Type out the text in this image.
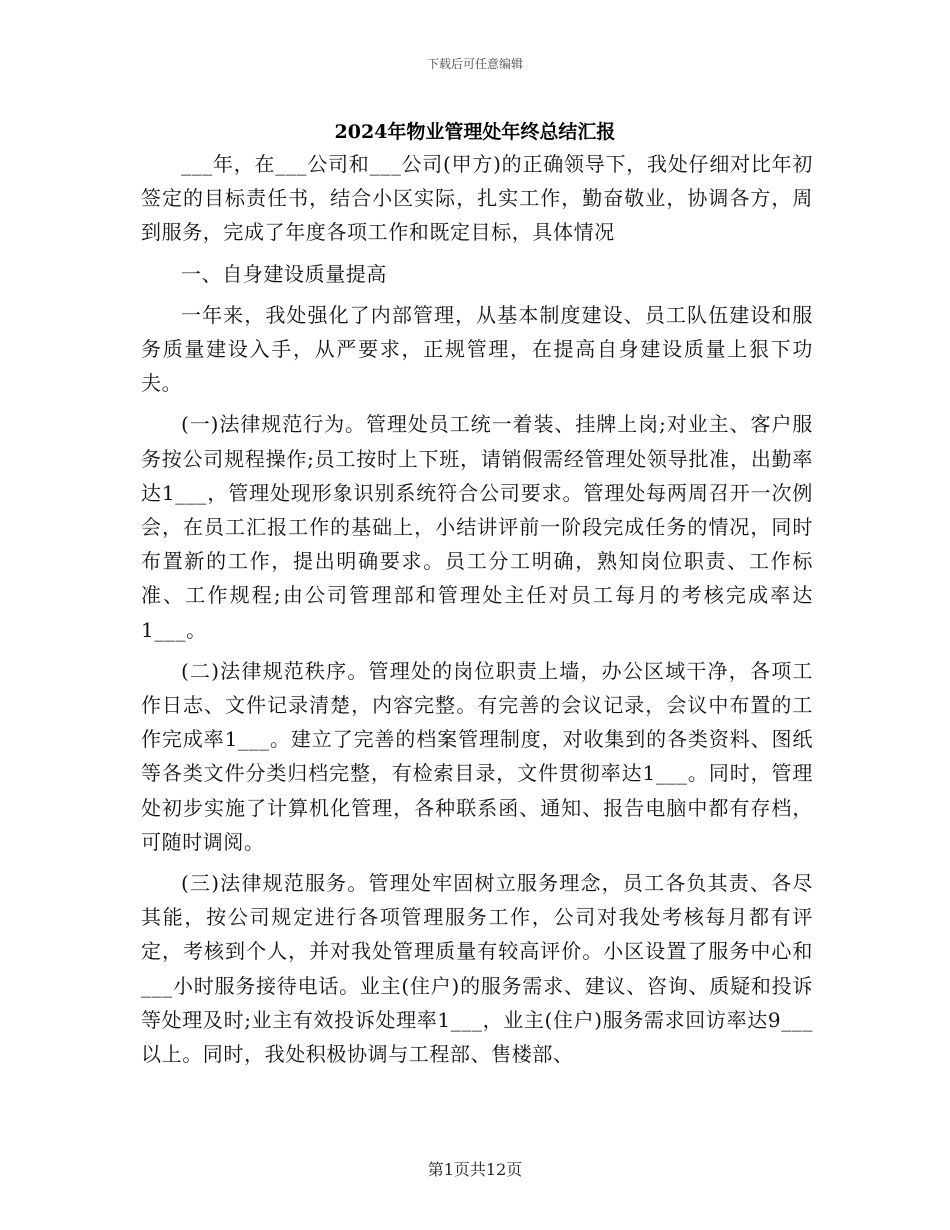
下载后可任意编辑
2024年物业管理处年终总结汇报

___年，在___公司和___公司(甲方)的正确领导下，我处仔细对比年初签定的目标责任书，结合小区实际，扎实工作，勤奋敬业，协调各方，周到服务，完成了年度各项工作和既定目标，具体情况

一、自身建设质量提高

一年来，我处强化了内部管理，从基本制度建设、员工队伍建设和服务质量建设入手，从严要求，正规管理，在提高自身建设质量上狠下功夫。

(一)法律规范行为。管理处员工统一着装、挂牌上岗;对业主、客户服务按公司规程操作;员工按时上下班，请销假需经管理处领导批准，出勤率达1___，管理处现形象识别系统符合公司要求。管理处每两周召开一次例会，在员工汇报工作的基础上，小结讲评前一阶段完成任务的情况，同时布置新的工作，提出明确要求。员工分工明确，熟知岗位职责、工作标准、工作规程;由公司管理部和管理处主任对员工每月的考核完成率达1___。

(二)法律规范秩序。管理处的岗位职责上墙，办公区域干净，各项工作日志、文件记录清楚，内容完整。有完善的会议记录，会议中布置的工作完成率1___。建立了完善的档案管理制度，对收集到的各类资料、图纸等各类文件分类归档完整，有检索目录，文件贯彻率达1___。同时，管理处初步实施了计算机化管理，各种联系函、通知、报告电脑中都有存档，可随时调阅。

(三)法律规范服务。管理处牢固树立服务理念，员工各负其责、各尽其能，按公司规定进行各项管理服务工作，公司对我处考核每月都有评定，考核到个人，并对我处管理质量有较高评价。小区设置了服务中心和___小时服务接待电话。业主(住户)的服务需求、建议、咨询、质疑和投诉等处理及时;业主有效投诉处理率1___，业主(住户)服务需求回访率达9___以上。同时，我处积极协调与工程部、售楼部、

第1页共12页
